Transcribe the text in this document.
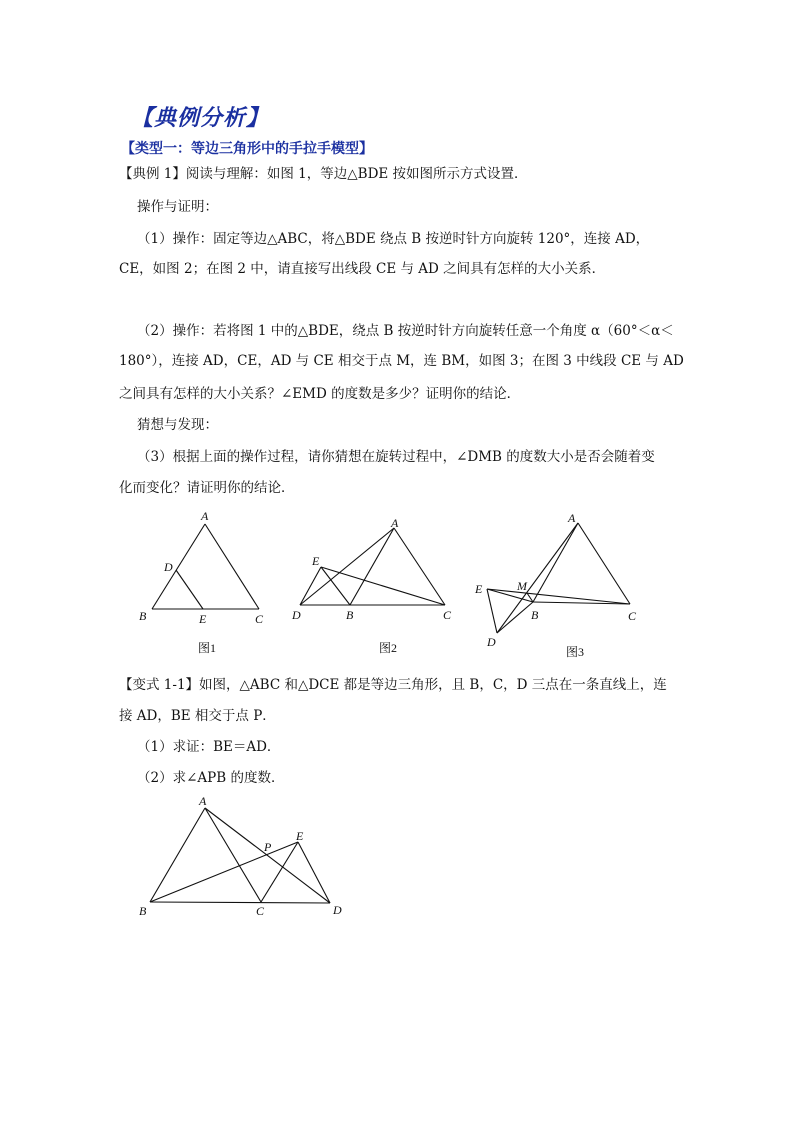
【典例分析】
【类型一：等边三角形中的手拉手模型】
【典例 1】阅读与理解：如图 1，等边△BDE 按如图所示方式设置．
操作与证明：
（1）操作：固定等边△ABC，将△BDE 绕点 B 按逆时针方向旋转 120°，连接 AD，
CE，如图 2；在图 2 中，请直接写出线段 CE 与 AD 之间具有怎样的大小关系．
（2）操作：若将图 1 中的△BDE，绕点 B 按逆时针方向旋转任意一个角度 α（60°＜α＜
180°），连接 AD，CE，AD 与 CE 相交于点 M，连 BM，如图 3；在图 3 中线段 CE 与 AD
之间具有怎样的大小关系？∠EMD 的度数是多少？证明你的结论．
猜想与发现：
（3）根据上面的操作过程，请你猜想在旋转过程中，∠DMB 的度数大小是否会随着变
化而变化？请证明你的结论．
A
D
B	E	C
图1
A
E
D	B	C
图2
A
M
E
B	C
D
图3
A
P
E
B	C	D
【变式 1-1】如图，△ABC 和△DCE 都是等边三角形，且 B，C，D 三点在一条直线上，连
接 AD，BE 相交于点 P．
（1）求证：BE＝AD．
（2）求∠APB 的度数．
